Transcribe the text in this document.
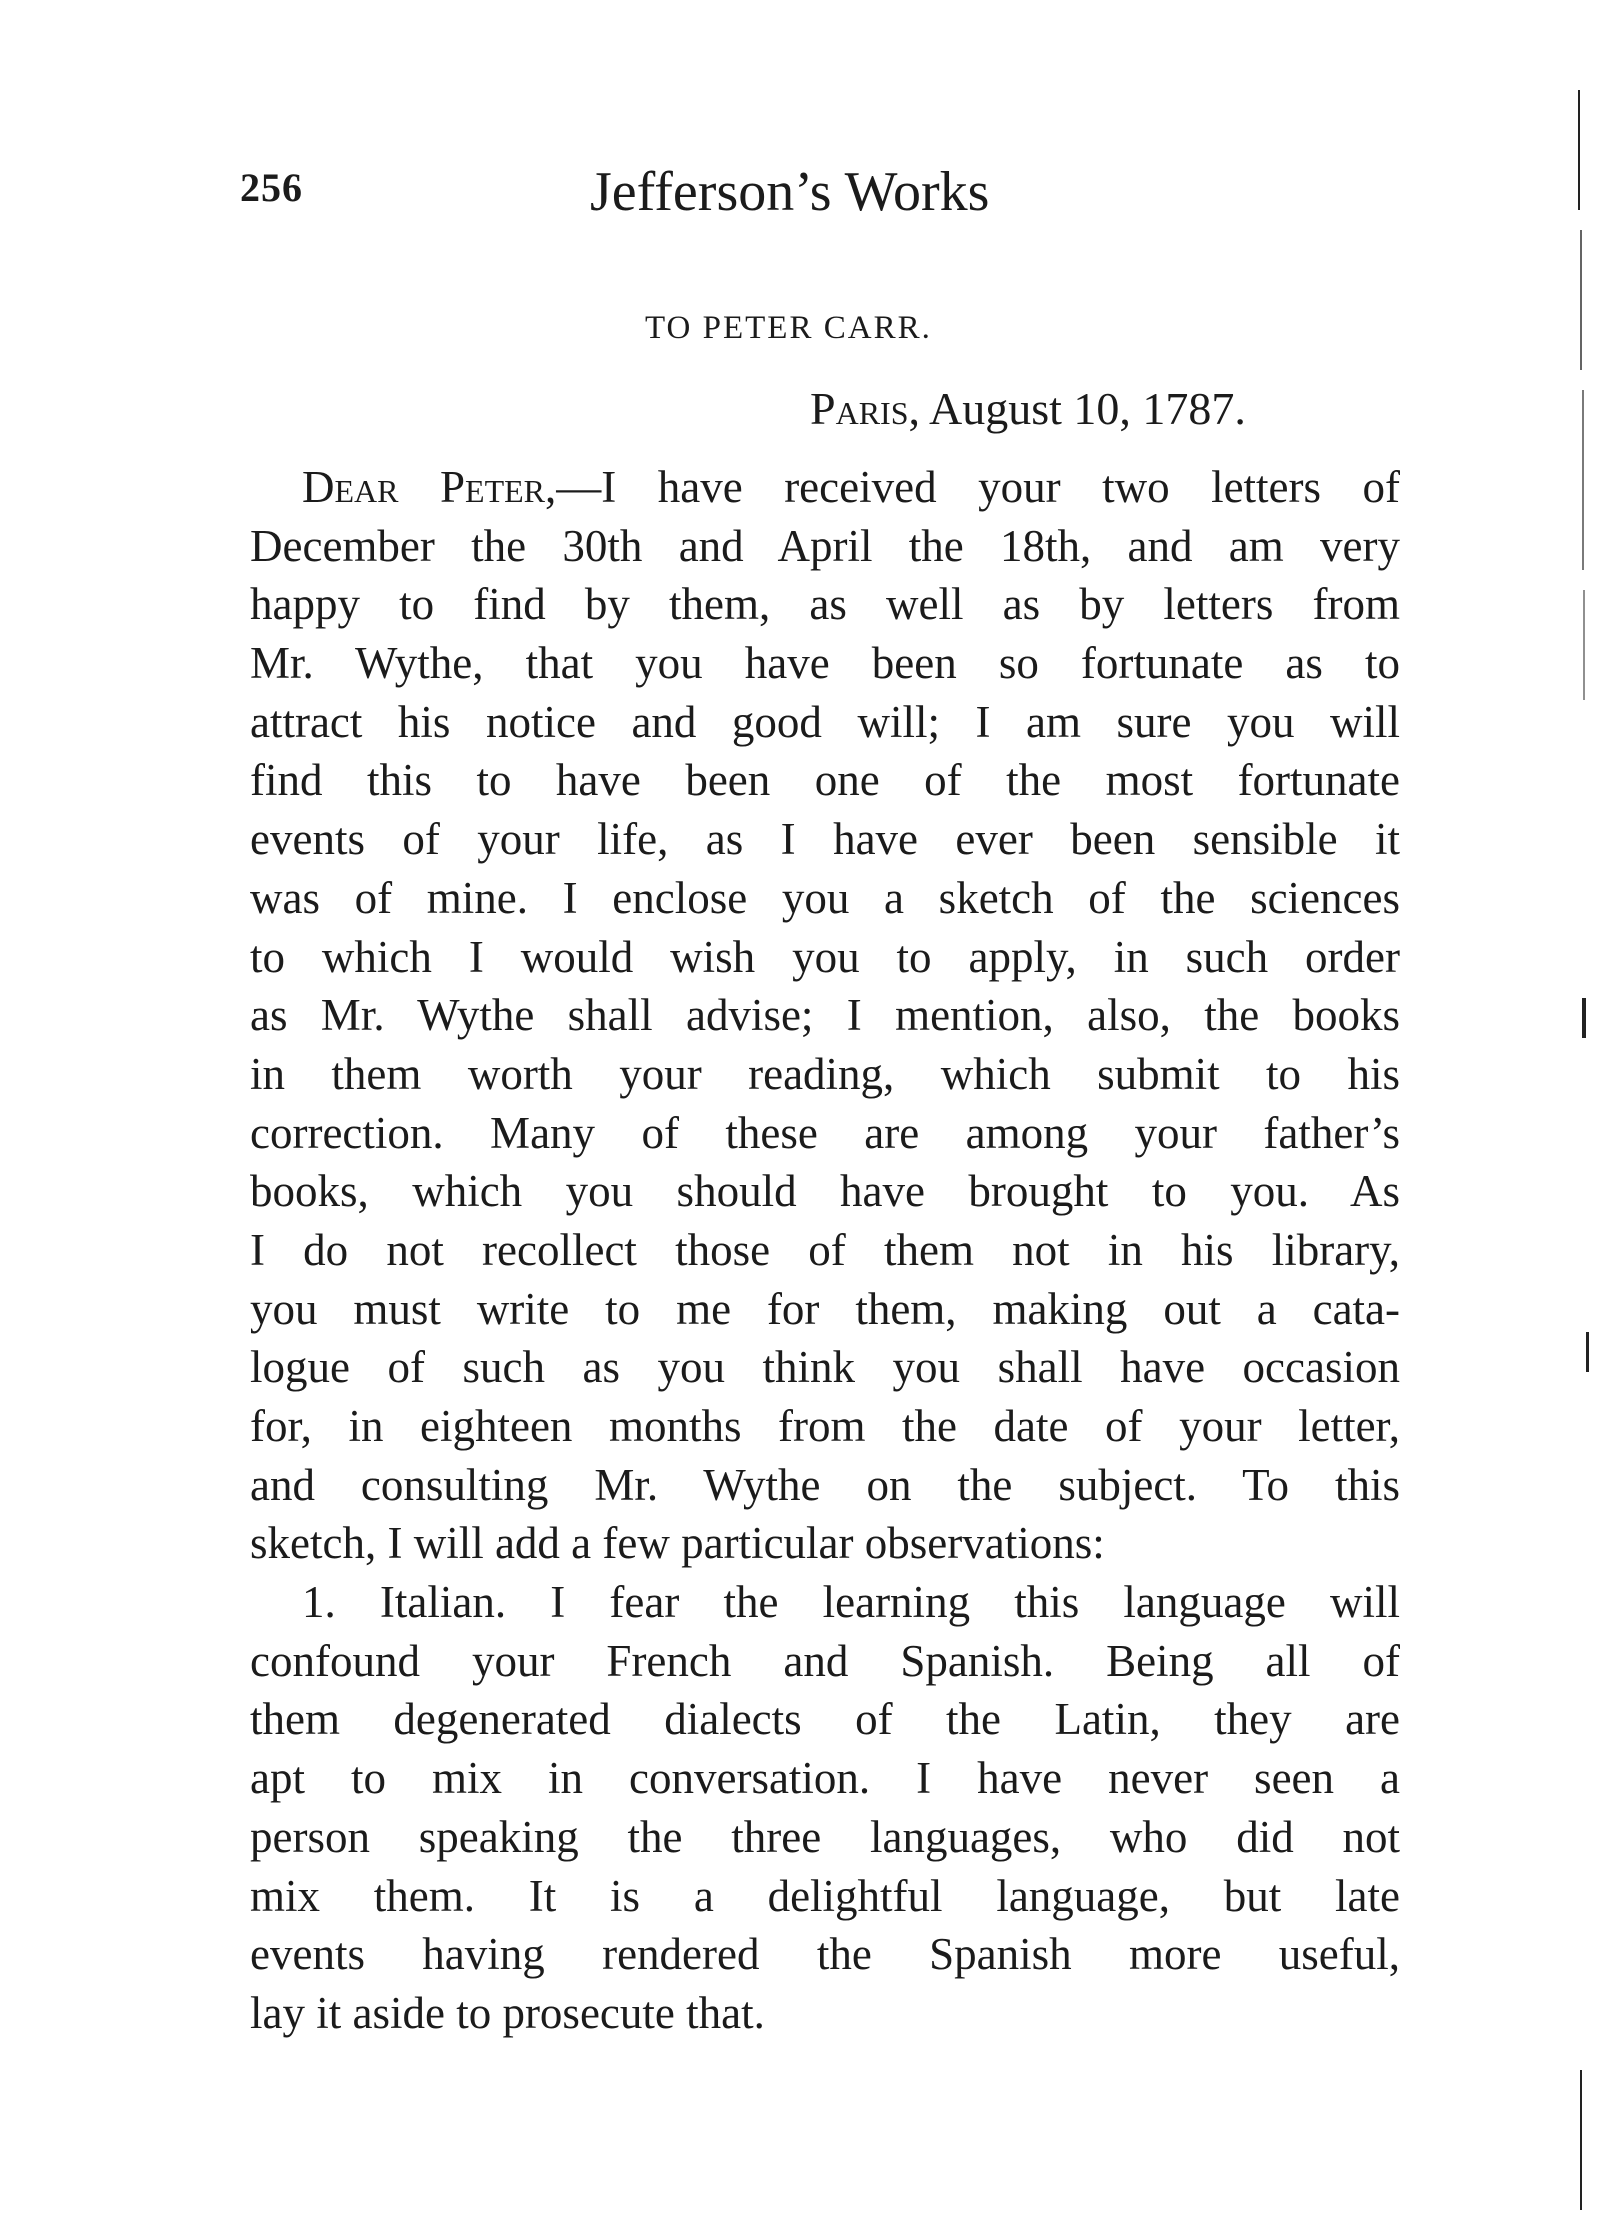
256	Jefferson’s Works
TO PETER CARR.
Paris, August 10, 1787.
Dear Peter,—I have received your two letters of
December the 30th and April the 18th, and am very
happy to find by them, as well as by letters from
Mr. Wythe, that you have been so fortunate as to
attract his notice and good will; I am sure you will
find this to have been one of the most fortunate
events of your life, as I have ever been sensible it
was of mine. I enclose you a sketch of the sciences
to which I would wish you to apply, in such order
as Mr. Wythe shall advise; I mention, also, the books
in them worth your reading, which submit to his
correction. Many of these are among your father’s
books, which you should have brought to you. As
I do not recollect those of them not in his library,
you must write to me for them, making out a cata-
logue of such as you think you shall have occasion
for, in eighteen months from the date of your letter,
and consulting Mr. Wythe on the subject. To this
sketch, I will add a few particular observations:
1. Italian. I fear the learning this language will
confound your French and Spanish. Being all of
them degenerated dialects of the Latin, they are
apt to mix in conversation. I have never seen a
person speaking the three languages, who did not
mix them. It is a delightful language, but late
events having rendered the Spanish more useful,
lay it aside to prosecute that.
